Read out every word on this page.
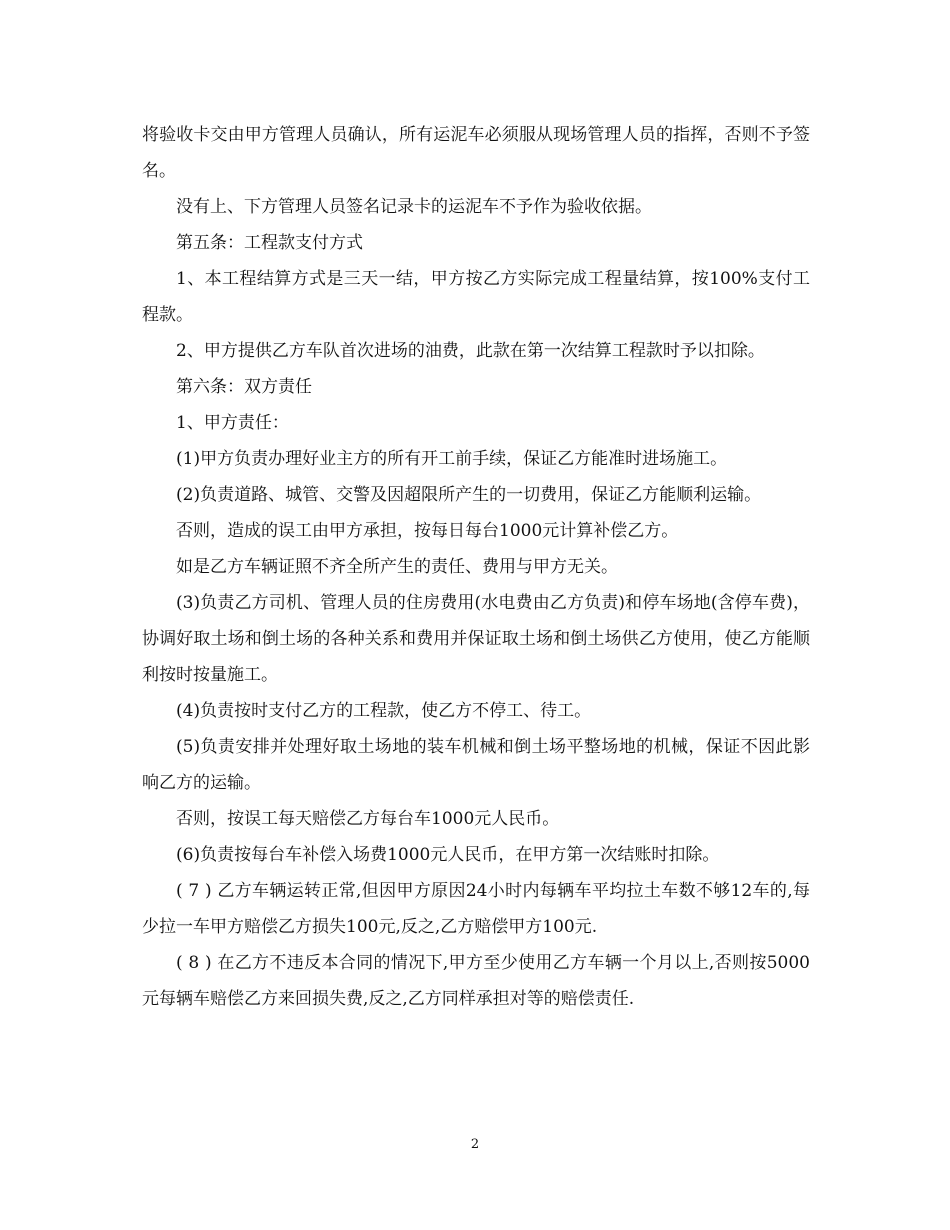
将验收卡交由甲方管理人员确认，所有运泥车必须服从现场管理人员的指挥，否则不予签名。

没有上、下方管理人员签名记录卡的运泥车不予作为验收依据。

第五条：工程款支付方式

1、本工程结算方式是三天一结，甲方按乙方实际完成工程量结算，按100%支付工程款。

2、甲方提供乙方车队首次进场的油费，此款在第一次结算工程款时予以扣除。

第六条：双方责任

1、甲方责任：

(1)甲方负责办理好业主方的所有开工前手续，保证乙方能准时进场施工。

(2)负责道路、城管、交警及因超限所产生的一切费用，保证乙方能顺利运输。

否则，造成的误工由甲方承担，按每日每台1000元计算补偿乙方。

如是乙方车辆证照不齐全所产生的责任、费用与甲方无关。

(3)负责乙方司机、管理人员的住房费用(水电费由乙方负责)和停车场地(含停车费)，协调好取土场和倒土场的各种关系和费用并保证取土场和倒土场供乙方使用，使乙方能顺利按时按量施工。

(4)负责按时支付乙方的工程款，使乙方不停工、待工。

(5)负责安排并处理好取土场地的装车机械和倒土场平整场地的机械，保证不因此影响乙方的运输。

否则，按误工每天赔偿乙方每台车1000元人民币。

(6)负责按每台车补偿入场费1000元人民币，在甲方第一次结账时扣除。

( 7 ) 乙方车辆运转正常,但因甲方原因24小时内每辆车平均拉土车数不够12车的,每少拉一车甲方赔偿乙方损失100元,反之,乙方赔偿甲方100元.

( 8 ) 在乙方不违反本合同的情况下,甲方至少使用乙方车辆一个月以上,否则按5000元每辆车赔偿乙方来回损失费,反之,乙方同样承担对等的赔偿责任.

2
